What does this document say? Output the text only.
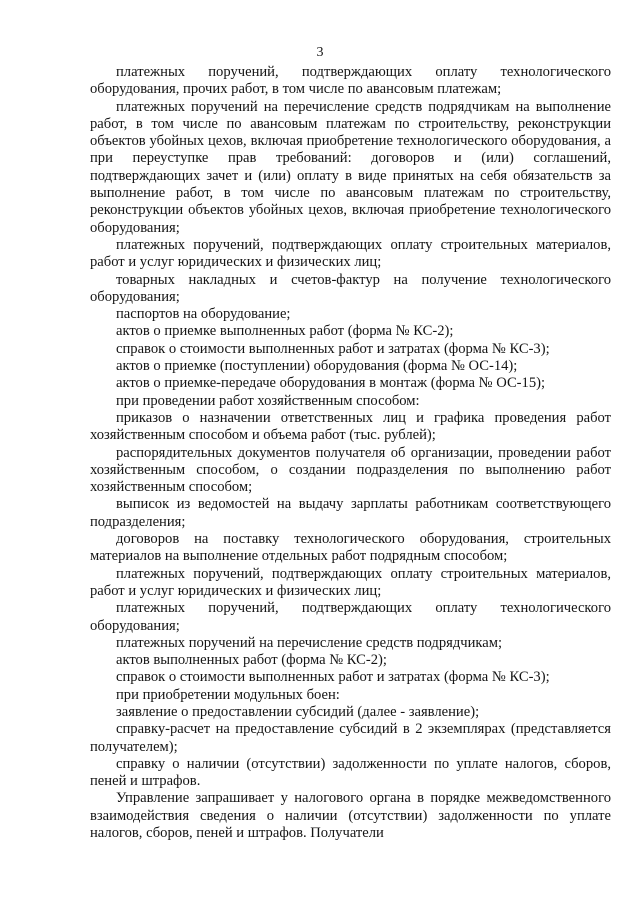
3

платежных поручений, подтверждающих оплату технологического оборудования, прочих работ, в том числе по авансовым платежам;

платежных поручений на перечисление средств подрядчикам на выполнение работ, в том числе по авансовым платежам по строительству, реконструкции объектов убойных цехов, включая приобретение технологического оборудования, а при переуступке прав требований: договоров и (или) соглашений, подтверждающих зачет и (или) оплату в виде принятых на себя обязательств за выполнение работ, в том числе по авансовым платежам по строительству, реконструкции объектов убойных цехов, включая приобретение технологического оборудования;

платежных поручений, подтверждающих оплату строительных материалов, работ и услуг юридических и физических лиц;

товарных накладных и счетов-фактур на получение технологического оборудования;

паспортов на оборудование;

актов о приемке выполненных работ (форма № КС-2);

справок о стоимости выполненных работ и затратах (форма № КС-3);

актов о приемке (поступлении) оборудования (форма № ОС-14);

актов о приемке-передаче оборудования в монтаж (форма № ОС-15);

при проведении работ хозяйственным способом:

приказов о назначении ответственных лиц и графика проведения работ хозяйственным способом и объема работ (тыс. рублей);

распорядительных документов получателя об организации, проведении работ хозяйственным способом, о создании подразделения по выполнению работ хозяйственным способом;

выписок из ведомостей на выдачу зарплаты работникам соответствующего подразделения;

договоров на поставку технологического оборудования, строительных материалов на выполнение отдельных работ подрядным способом;

платежных поручений, подтверждающих оплату строительных материалов, работ и услуг юридических и физических лиц;

платежных поручений, подтверждающих оплату технологического оборудования;

платежных поручений на перечисление средств подрядчикам;

актов выполненных работ (форма № КС-2);

справок о стоимости выполненных работ и затратах (форма № КС-3);

при приобретении модульных боен:

заявление о предоставлении субсидий (далее - заявление);

справку-расчет на предоставление субсидий в 2 экземплярах (представляется получателем);

справку о наличии (отсутствии) задолженности по уплате налогов, сборов, пеней и штрафов.

Управление запрашивает у налогового органа в порядке межведомственного взаимодействия сведения о наличии (отсутствии) задолженности по уплате налогов, сборов, пеней и штрафов. Получатели
